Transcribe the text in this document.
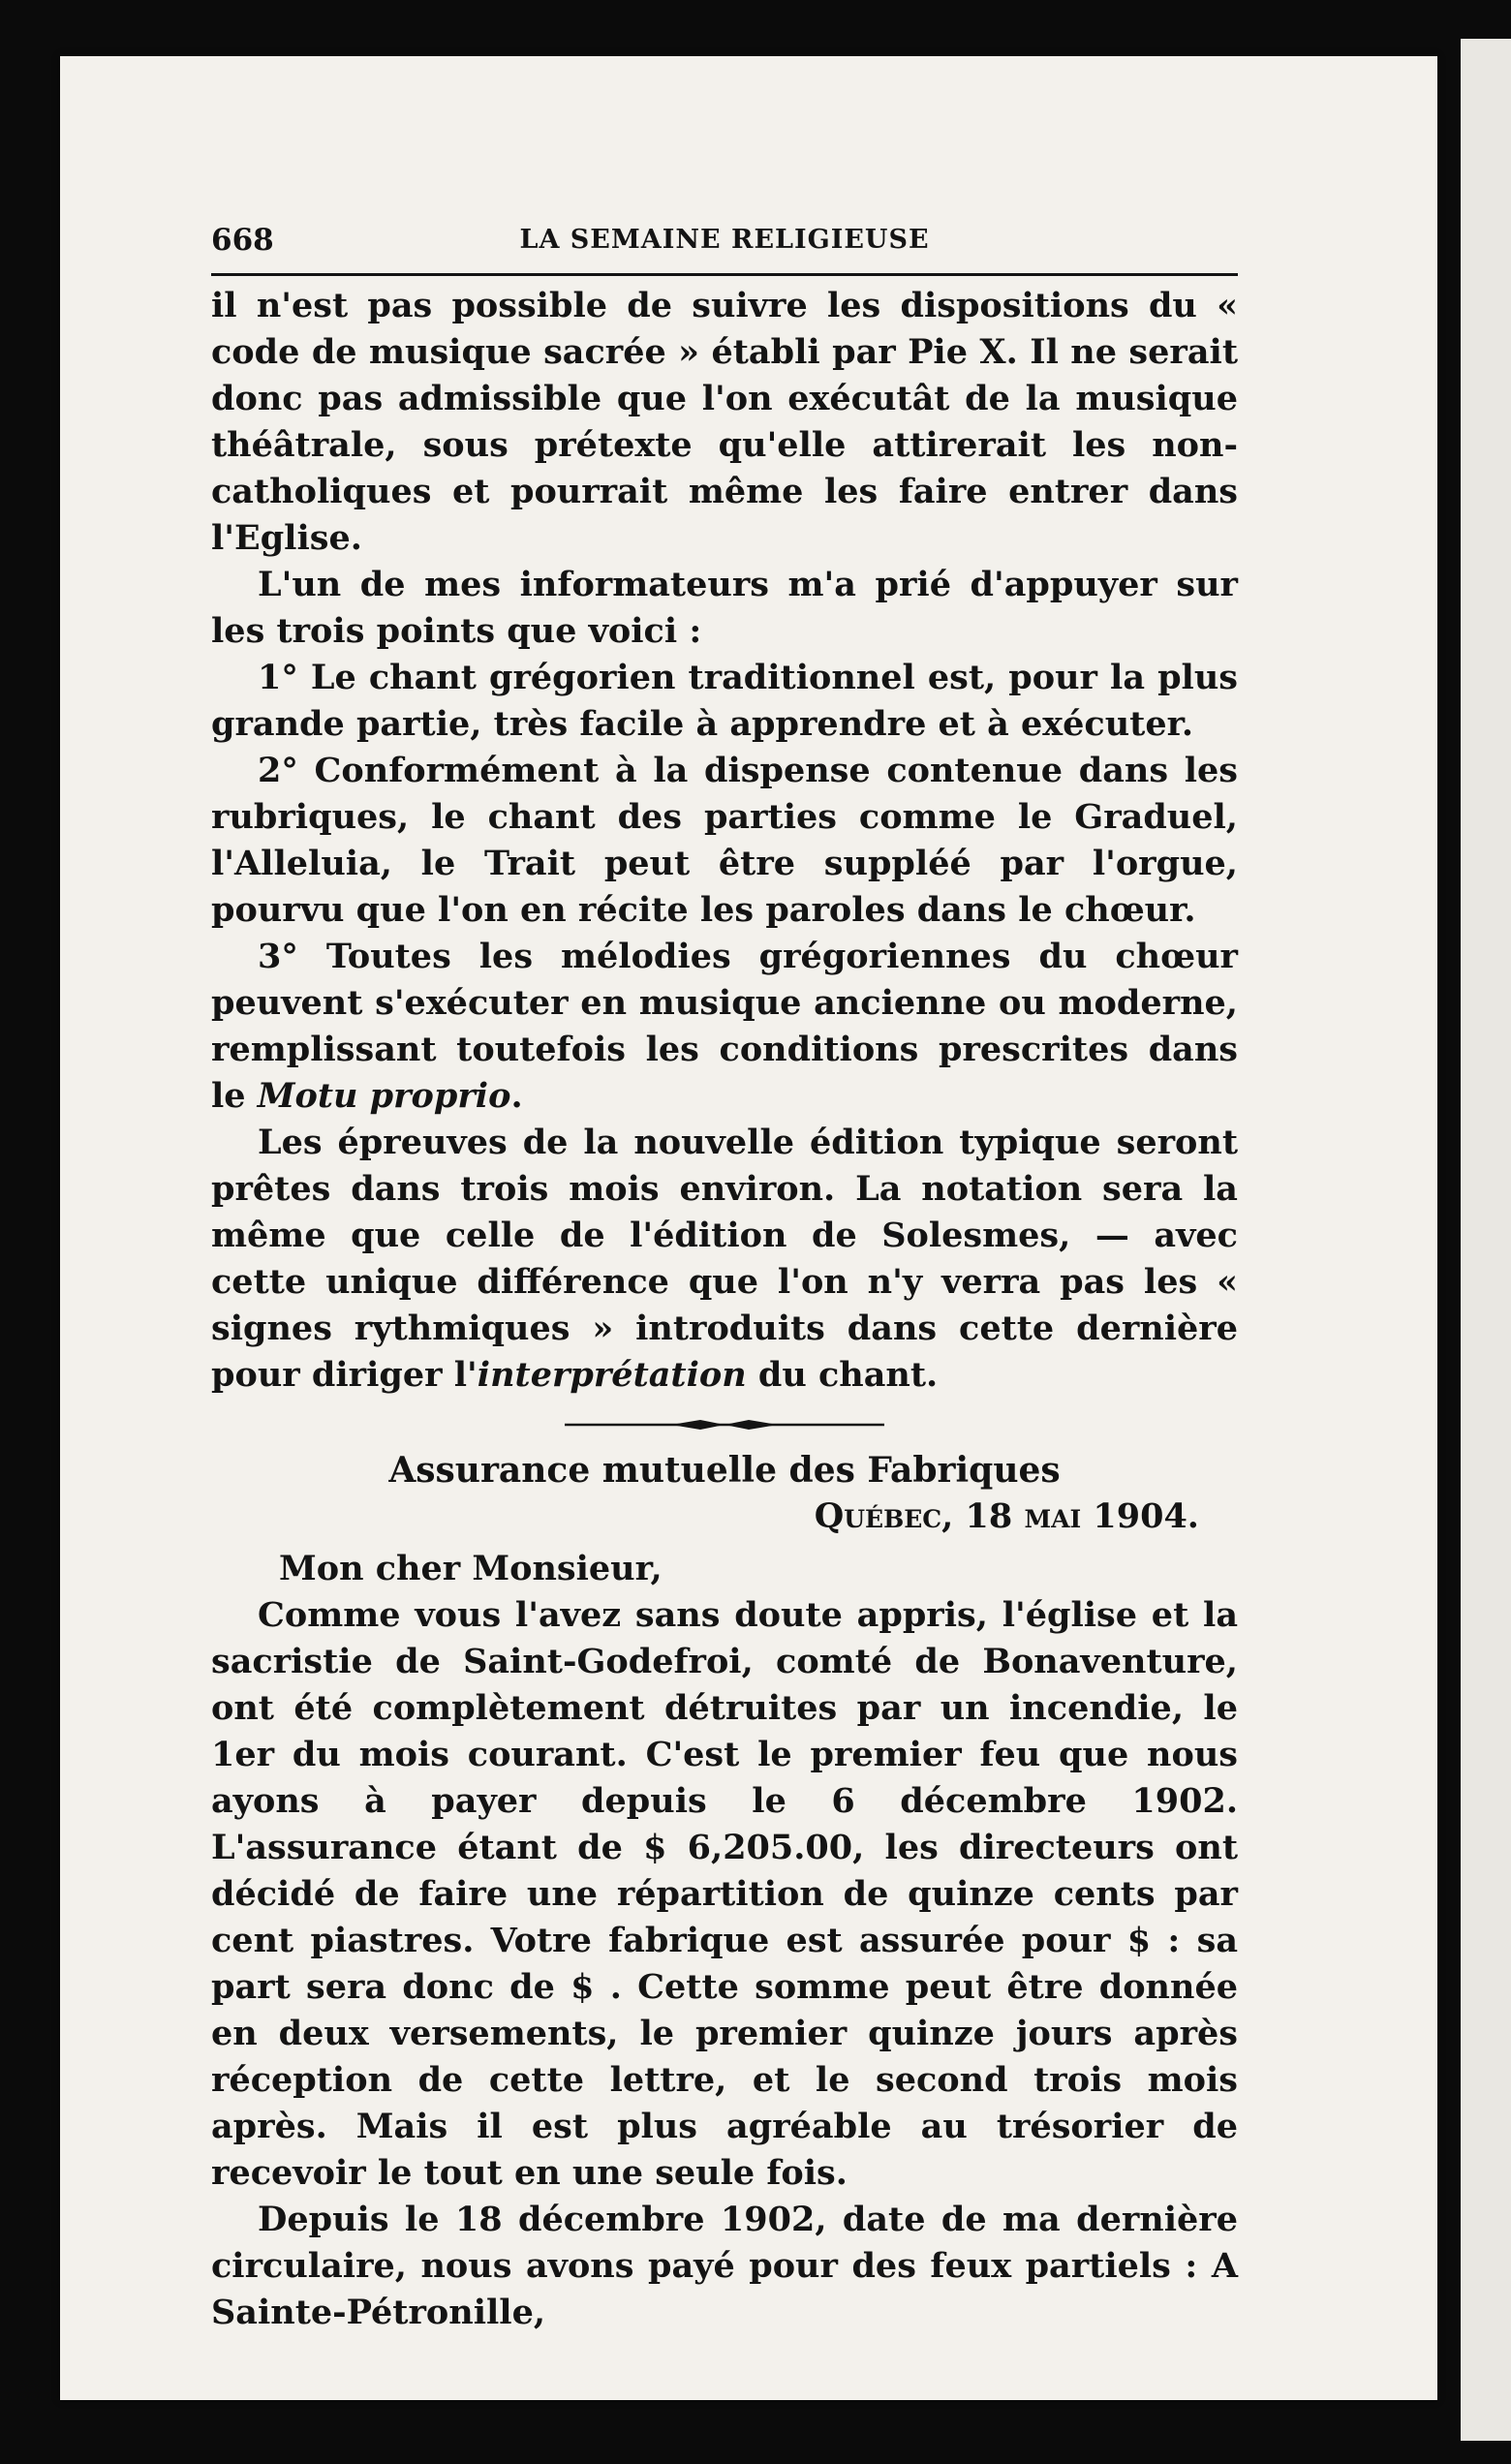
668	LA SEMAINE RELIGIEUSE

il n'est pas possible de suivre les dispositions du « code de musique sacrée » établi par Pie X. Il ne serait donc pas admissible que l'on exécutât de la musique théâtrale, sous prétexte qu'elle attirerait les non-catholiques et pourrait même les faire entrer dans l'Eglise.

L'un de mes informateurs m'a prié d'appuyer sur les trois points que voici :

1° Le chant grégorien traditionnel est, pour la plus grande partie, très facile à apprendre et à exécuter.

2° Conformément à la dispense contenue dans les rubriques, le chant des parties comme le Graduel, l'Alleluia, le Trait peut être suppléé par l'orgue, pourvu que l'on en récite les paroles dans le chœur.

3° Toutes les mélodies grégoriennes du chœur peuvent s'exécuter en musique ancienne ou moderne, remplissant toutefois les conditions prescrites dans le Motu proprio.

Les épreuves de la nouvelle édition typique seront prêtes dans trois mois environ. La notation sera la même que celle de l'édition de Solesmes, — avec cette unique différence que l'on n'y verra pas les « signes rythmiques » introduits dans cette dernière pour diriger l'interprétation du chant.

Assurance mutuelle des Fabriques

Québec, 18 mai 1904.

Mon cher Monsieur,

Comme vous l'avez sans doute appris, l'église et la sacristie de Saint-Godefroi, comté de Bonaventure, ont été complètement détruites par un incendie, le 1er du mois courant. C'est le premier feu que nous ayons à payer depuis le 6 décembre 1902. L'assurance étant de $ 6,205.00, les directeurs ont décidé de faire une répartition de quinze cents par cent piastres. Votre fabrique est assurée pour $ : sa part sera donc de $ . Cette somme peut être donnée en deux versements, le premier quinze jours après réception de cette lettre, et le second trois mois après. Mais il est plus agréable au trésorier de recevoir le tout en une seule fois.

Depuis le 18 décembre 1902, date de ma dernière circulaire, nous avons payé pour des feux partiels : A Sainte-Pétronille,
